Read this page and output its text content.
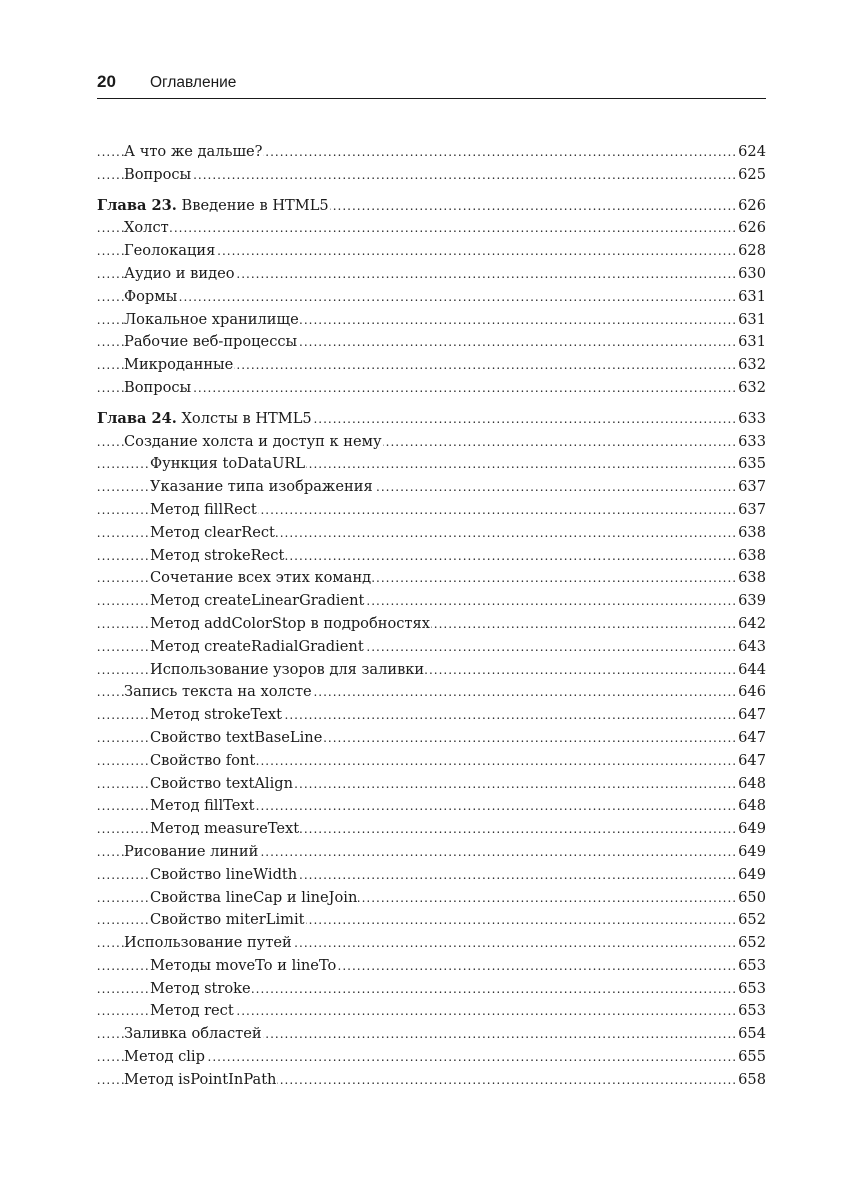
20 Оглавление
.....
А что же дальше?	624
.....
Вопросы	625
.....
Глава 23. Введение в HTML5	626
.....
Холст	626
.....
Геолокация	628
.....
Аудио и видео	630
.....
Формы	631
.....
Локальное хранилище	631
.....
Рабочие веб-процессы	631
.....
Микроданные	632
.....
Вопросы	632
.....
Глава 24. Холсты в HTML5	633
.....
Создание холста и доступ к нему	633
.....
Функция toDataURL	635
.....
Указание типа изображения	637
.....
Метод fillRect	637
.....
Метод clearRect	638
.....
Метод strokeRect	638
.....
Сочетание всех этих команд	638
.....
Метод createLinearGradient	639
.....
Метод addColorStop в подробностях	642
.....
Метод createRadialGradient	643
.....
Использование узоров для заливки	644
.....
Запись текста на холсте	646
.....
Метод strokeText	647
.....
Свойство textBaseLine	647
.....
Свойство font	647
.....
Свойство textAlign	648
.....
Метод fillText	648
.....
Метод measureText	649
.....
Рисование линий	649
.....
Свойство lineWidth	649
.....
Свойства lineCap и lineJoin	650
.....
Свойство miterLimit	652
.....
Использование путей	652
.....
Методы moveTo и lineTo	653
.....
Метод stroke	653
.....
Метод rect	653
.....
Заливка областей	654
.....
Метод clip	655
.....
Метод isPointInPath	658
